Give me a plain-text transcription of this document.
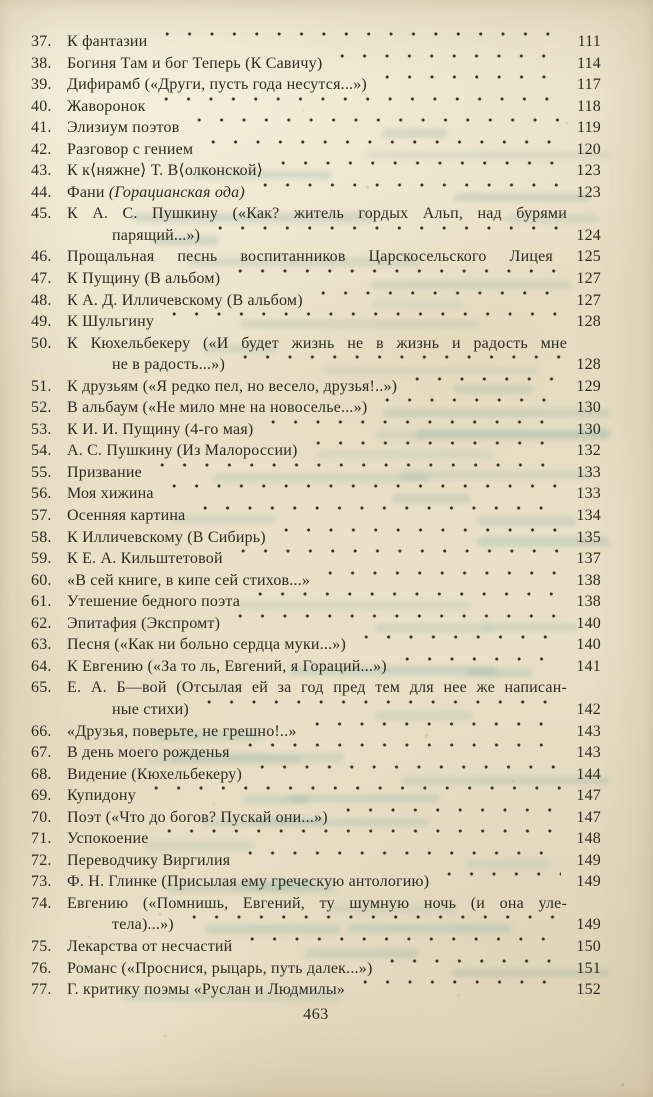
37. К фантазии	111
38. Богиня Там и бог Теперь (К Савичу)	114
39. Дифирамб («Други, пусть года несутся...»)	117
40. Жаворонок	118
41. Элизиум поэтов	119
42. Разговор с гением	120
43. К к⟨няжне⟩ Т. В⟨олконской⟩	123
44. Фани (Горацианская ода)	123
45. К А. С. Пушкину («Как? житель гордых Альп, над бурями
парящий...»)	124
46. Прощальная песнь воспитанников Царскосельского Лицея	125
47. К Пущину (В альбом)	127
48. К А. Д. Илличевскому (В альбом)	127
49. К Шульгину	128
50. К Кюхельбекеру («И будет жизнь не в жизнь и радость мне
не в радость...»)	128
51. К друзьям («Я редко пел, но весело, друзья!..»)	129
52. В альбаум («Не мило мне на новоселье...»)	130
53. К И. И. Пущину (4-го мая)	130
54. А. С. Пушкину (Из Малороссии)	132
55. Призвание	133
56. Моя хижина	133
57. Осенняя картина	134
58. К Илличевскому (В Сибирь)	135
59. К Е. А. Кильштетовой	137
60. «В сей книге, в кипе сей стихов...»	138
61. Утешение бедного поэта	138
62. Эпитафия (Экспромт)	140
63. Песня («Как ни больно сердца муки...»)	140
64. К Евгению («За то ль, Евгений, я Гораций...»)	141
65. Е. А. Б—вой (Отсылая ей за год пред тем для нее же написан-
ные стихи)	142
66. «Друзья, поверьте, не грешно!..»	143
67. В день моего рожденья	143
68. Видение (Кюхельбекеру)	144
69. Купидону	147
70. Поэт («Что до богов? Пускай они...»)	147
71. Успокоение	148
72. Переводчику Виргилия	149
73. Ф. Н. Глинке (Присылая ему греческую антологию)	149
74. Евгению («Помнишь, Евгений, ту шумную ночь (и она уле-
тела)...»)	149
75. Лекарства от несчастий	150
76. Романс («Проснися, рыцарь, путь далек...»)	151
77. Г. критику поэмы «Руслан и Людмилы»	152
463
